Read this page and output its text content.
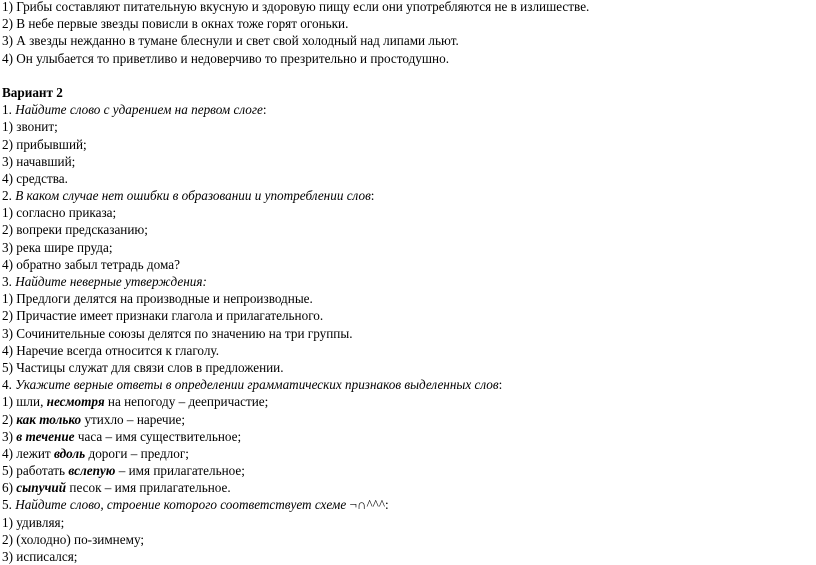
1) Грибы составляют питательную вкусную и здоровую пищу если они употребляются не в излишестве.
2) В небе первые звезды повисли в окнах тоже горят огоньки.
3) А звезды нежданно в тумане блеснули и свет свой холодный над липами льют.
4) Он улыбается то приветливо и недоверчиво то презрительно и простодушно.
Вариант 2
1. Найдите слово с ударением на первом слоге:
1) звонит;
2) прибывший;
3) начавший;
4) средства.
2. В каком случае нет ошибки в образовании и употреблении слов:
1) согласно приказа;
2) вопреки предсказанию;
3) река шире пруда;
4) обратно забыл тетрадь дома?
3. Найдите неверные утверждения:
1) Предлоги делятся на производные и непроизводные.
2) Причастие имеет признаки глагола и прилагательного.
3) Сочинительные союзы делятся по значению на три группы.
4) Наречие всегда относится к глаголу.
5) Частицы служат для связи слов в предложении.
4. Укажите верные ответы в определении грамматических признаков выделенных слов:
1) шли, несмотря на непогоду – деепричастие;
2) как только утихло – наречие;
3) в течение часа – имя существительное;
4) лежит вдоль дороги – предлог;
5) работать вслепую – имя прилагательное;
6) сыпучий песок – имя прилагательное.
5. Найдите слово, строение которого соответствует схеме ¬∩^^^:
1) удивляя;
2) (холодно) по-зимнему;
3) исписался;
